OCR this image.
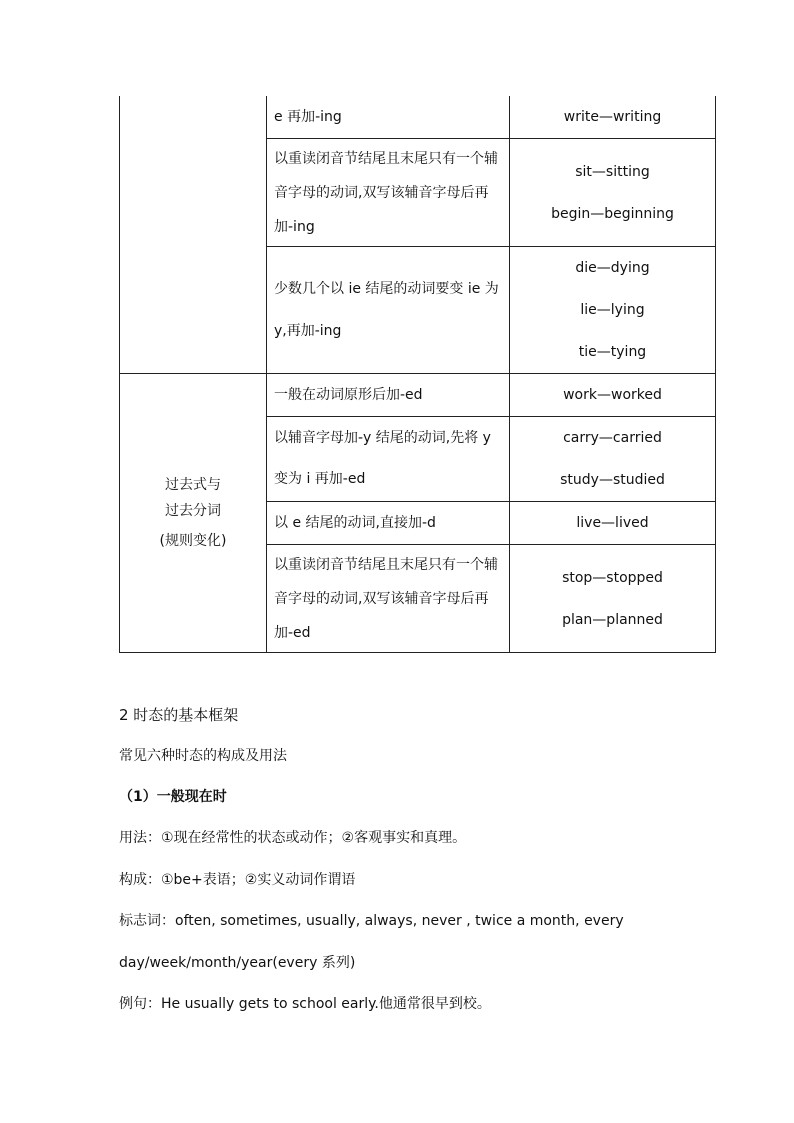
	e 再加-ing	write—writing

	以重读闭音节结尾且末尾只有一个辅音字母的动词,双写该辅音字母后再加-ing	sit—sitting
begin—beginning

	少数几个以 ie 结尾的动词要变 ie 为 y,再加-ing	die—dying
lie—lying
tie—tying

过去式与
过去分词
(规则变化)	一般在动词原形后加-ed	work—worked

	以辅音字母加-y 结尾的动词,先将 y 变为 i 再加-ed	carry—carried
study—studied

	以 e 结尾的动词,直接加-d	live—lived

	以重读闭音节结尾且末尾只有一个辅音字母的动词,双写该辅音字母后再加-ed	stop—stopped
plan—planned
2 时态的基本框架
常见六种时态的构成及用法
（1）一般现在时
用法：①现在经常性的状态或动作；②客观事实和真理。
构成：①be+表语；②实义动词作谓语
标志词：often, sometimes, usually, always, never , twice a month, every
day/week/month/year(every 系列)
例句：He usually gets to school early.他通常很早到校。
